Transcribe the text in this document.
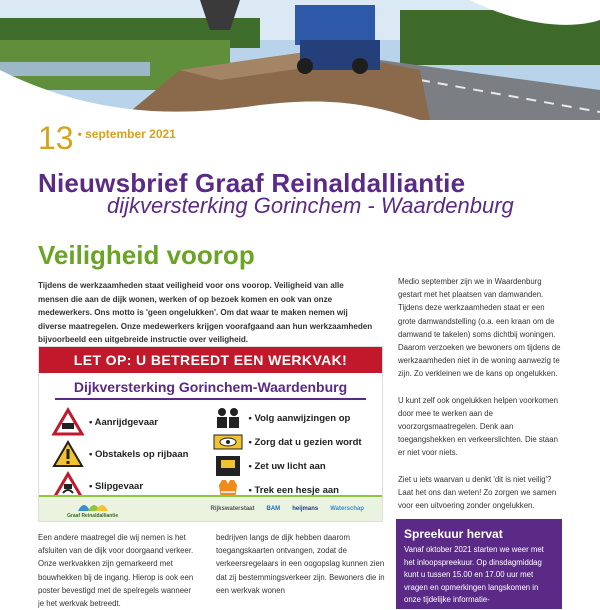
13 • september 2021
Nieuwsbrief Graaf Reinaldalliantie
dijkversterking Gorinchem - Waardenburg
Veiligheid voorop
Tijdens de werkzaamheden staat veiligheid voor ons voorop. Veiligheid van alle mensen die aan de dijk wonen, werken of op bezoek komen en ook van onze medewerkers. Ons motto is 'geen ongelukken'. Om dat waar te maken nemen wij diverse maatregelen. Onze medewerkers krijgen voorafgaand aan hun werkzaamheden bijvoorbeeld een uitgebreide instructie over veiligheid.
LET OP: U BETREEDT EEN WERKVAK!
Dijkversterking Gorinchem-Waardenburg
• Aanrijdgevaar
• Obstakels op rijbaan
• Slipgevaar
• Volg aanwijzingen op
• Zorg dat u gezien wordt
• Zet uw licht aan
• Trek een hesje aan
Graaf Reinaldalliantie
Rijkswaterstaat BAM heijmans Waterschap
Een andere maatregel die wij nemen is het afsluiten van de dijk voor doorgaand verkeer. Onze werkvakken zijn gemarkeerd met bouwhekken bij de ingang. Hierop is ook een poster bevestigd met de spelregels wanneer je het werkvak betreedt.
bedrijven langs de dijk hebben daarom toegangskaarten ontvangen, zodat de verkeersregelaars in een oogopslag kunnen zien dat zij bestemmingsverkeer zijn. Bewoners die in een werkvak wonen

Medio september zijn we in Waardenburg gestart met het plaatsen van damwanden. Tijdens deze werkzaamheden staat er een grote damwandstelling (o.a. een kraan om de damwand te takelen) soms dichtbij woningen. Daarom verzoeken we bewoners om tijdens de werkzaamheden niet in de woning aanwezig te zijn. Zo verkleinen we de kans op ongelukken.

U kunt zelf ook ongelukken helpen voorkomen door mee te werken aan de voorzorgsmaatregelen. Denk aan toegangshekken en verkeerslichten. Die staan er niet voor niets.

Ziet u iets waarvan u denkt 'dit is niet veilig'? Laat het ons dan weten! Zo zorgen we samen voor een uitvoering zonder ongelukken.

Spreekuur hervat

Vanaf oktober 2021 starten we weer met het inloopspreekuur. Op dinsdagmiddag kunt u tussen 15.00 en 17.00 uur met vragen en opmerkingen langskomen in onze tijdelijke informatie-
